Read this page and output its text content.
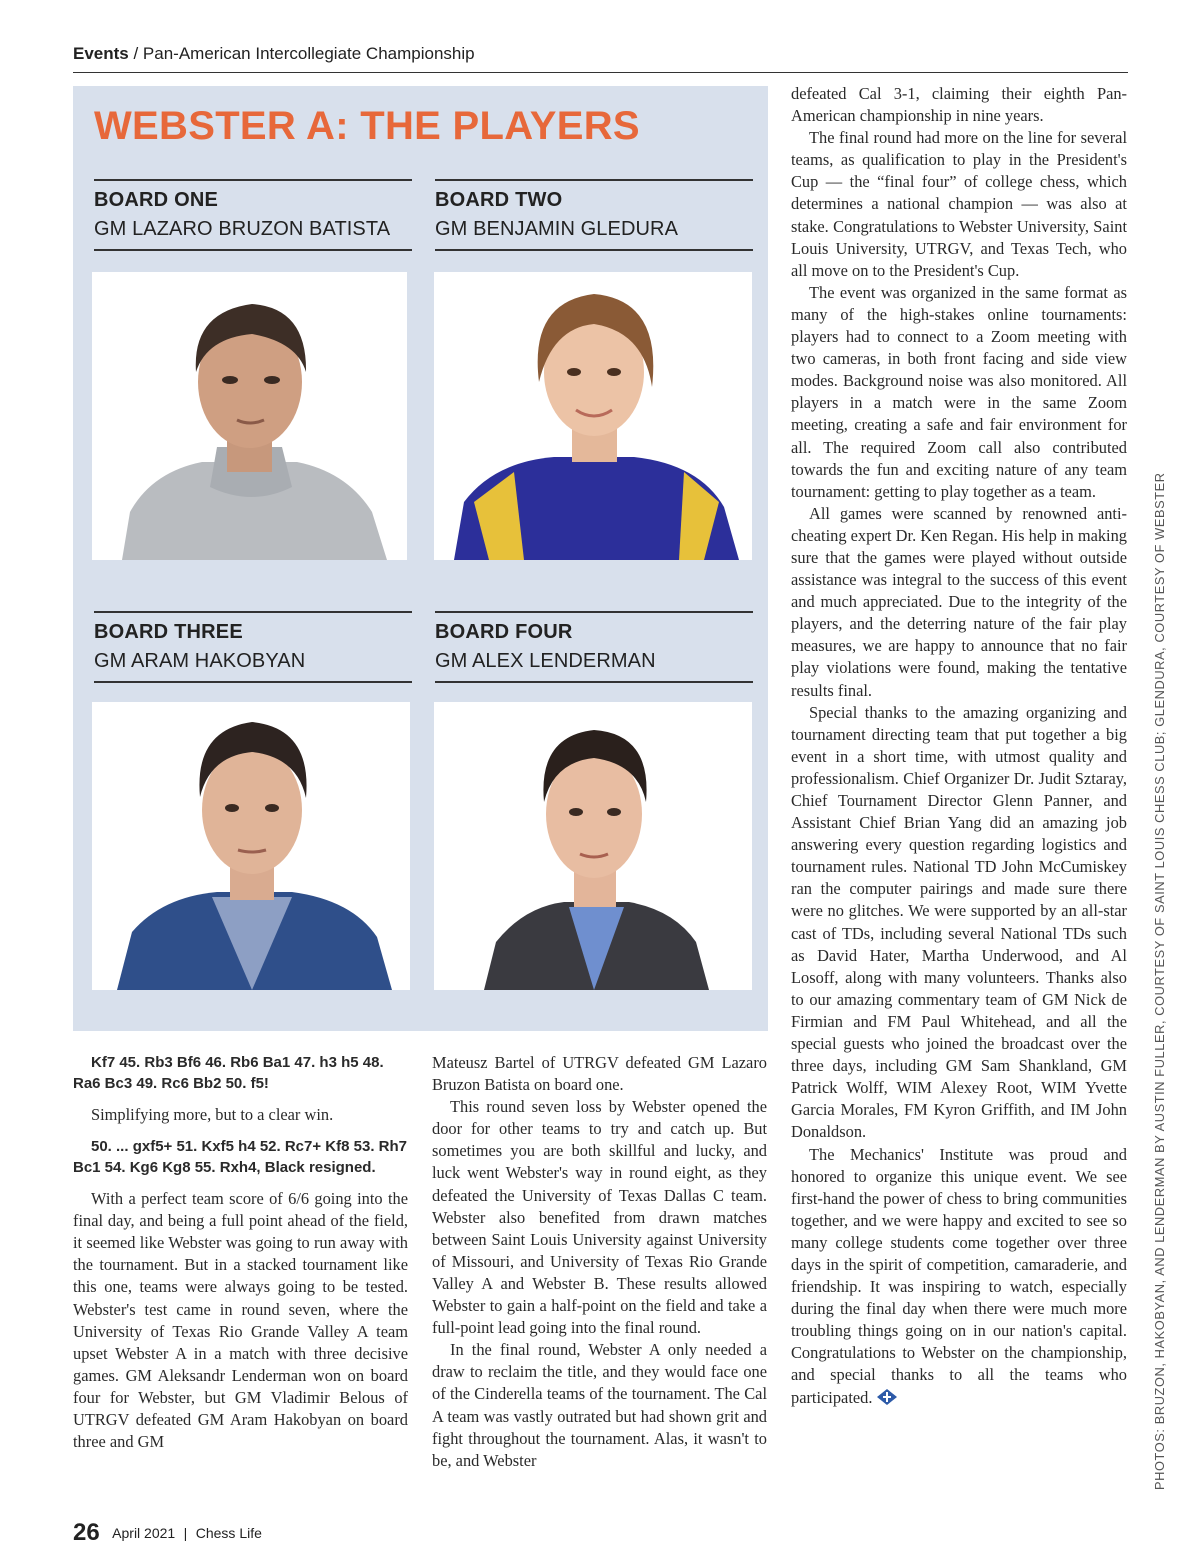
Events / Pan-American Intercollegiate Championship
WEBSTER A: THE PLAYERS
BOARD ONE
GM LAZARO BRUZON BATISTA
BOARD TWO
GM BENJAMIN GLEDURA
BOARD THREE
GM ARAM HAKOBYAN
BOARD FOUR
GM ALEX LENDERMAN

Kf7 45. Rb3 Bf6 46. Rb6 Ba1 47. h3 h5 48. Ra6 Bc3 49. Rc6 Bb2 50. f5!

Simplifying more, but to a clear win.

50. ... gxf5+ 51. Kxf5 h4 52. Rc7+ Kf8 53. Rh7 Bc1 54. Kg6 Kg8 55. Rxh4, Black resigned.

With a perfect team score of 6/6 going into the final day, and being a full point ahead of the field, it seemed like Webster was going to run away with the tournament. But in a stacked tournament like this one, teams were always going to be tested. Webster's test came in round seven, where the University of Texas Rio Grande Valley A team upset Webster A in a match with three decisive games. GM Aleksandr Lenderman won on board four for Webster, but GM Vladimir Belous of UTRGV defeated GM Aram Hakobyan on board three and GM

Mateusz Bartel of UTRGV defeated GM Lazaro Bruzon Batista on board one.

This round seven loss by Webster opened the door for other teams to try and catch up. But sometimes you are both skillful and lucky, and luck went Webster's way in round eight, as they defeated the University of Texas Dallas C team. Webster also benefited from drawn matches between Saint Louis University against University of Missouri, and University of Texas Rio Grande Valley A and Webster B. These results allowed Webster to gain a half-point on the field and take a full-point lead going into the final round.

In the final round, Webster A only needed a draw to reclaim the title, and they would face one of the Cinderella teams of the tournament. The Cal A team was vastly outrated but had shown grit and fight throughout the tournament. Alas, it wasn't to be, and Webster

defeated Cal 3-1, claiming their eighth Pan-American championship in nine years.

The final round had more on the line for several teams, as qualification to play in the President's Cup — the “final four” of college chess, which determines a national champion — was also at stake. Congratulations to Webster University, Saint Louis University, UTRGV, and Texas Tech, who all move on to the President's Cup.

The event was organized in the same format as many of the high-stakes online tournaments: players had to connect to a Zoom meeting with two cameras, in both front facing and side view modes. Background noise was also monitored. All players in a match were in the same Zoom meeting, creating a safe and fair environment for all. The required Zoom call also contributed towards the fun and exciting nature of any team tournament: getting to play together as a team.

All games were scanned by renowned anti-cheating expert Dr. Ken Regan. His help in making sure that the games were played without outside assistance was integral to the success of this event and much appreciated. Due to the integrity of the players, and the deterring nature of the fair play measures, we are happy to announce that no fair play violations were found, making the tentative results final.

Special thanks to the amazing organizing and tournament directing team that put together a big event in a short time, with utmost quality and professionalism. Chief Organizer Dr. Judit Sztaray, Chief Tournament Director Glenn Panner, and Assistant Chief Brian Yang did an amazing job answering every question regarding logistics and tournament rules. National TD John McCumiskey ran the computer pairings and made sure there were no glitches. We were supported by an all-star cast of TDs, including several National TDs such as David Hater, Martha Underwood, and Al Losoff, along with many volunteers. Thanks also to our amazing commentary team of GM Nick de Firmian and FM Paul Whitehead, and all the special guests who joined the broadcast over the three days, including GM Sam Shankland, GM Patrick Wolff, WIM Alexey Root, WIM Yvette Garcia Morales, FM Kyron Griffith, and IM John Donaldson.

The Mechanics' Institute was proud and honored to organize this unique event. We see first-hand the power of chess to bring communities together, and we were happy and excited to see so many college students come together over three days in the spirit of competition, camaraderie, and friendship. It was inspiring to watch, especially during the final day when there were much more troubling things going on in our nation's capital. Congratulations to Webster on the championship, and special thanks to all the teams who participated.

26 April 2021 | Chess Life
PHOTOS: BRUZON, HAKOBYAN, AND LENDERMAN BY AUSTIN FULLER, COURTESY OF SAINT LOUIS CHESS CLUB; GLENDURA, COURTESY OF WEBSTER
